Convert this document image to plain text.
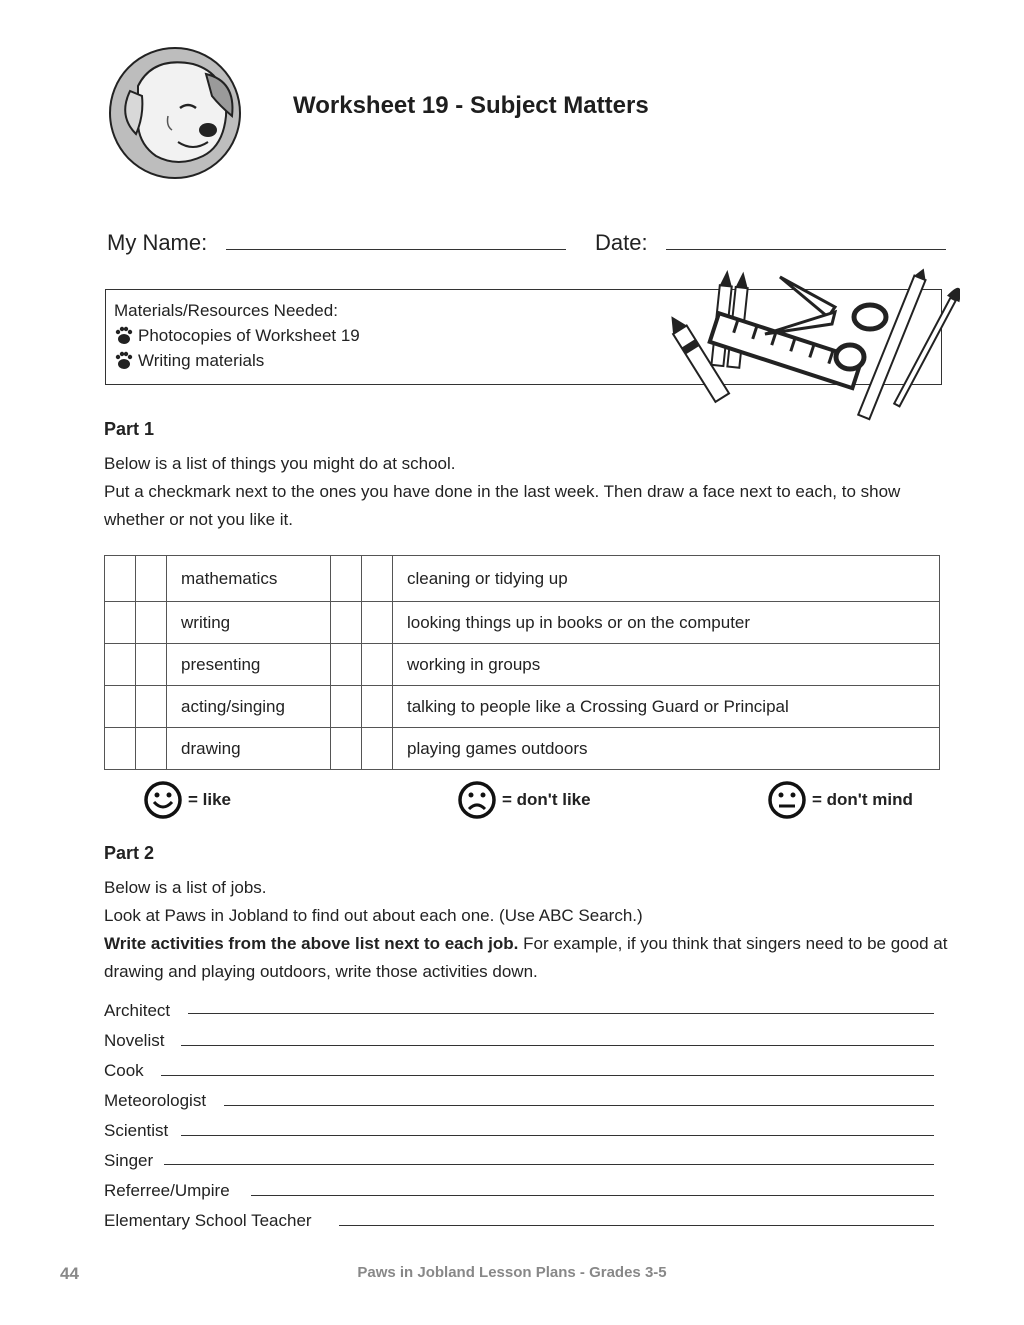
Worksheet 19 - Subject Matters
My Name:	Date:
Materials/Resources Needed:
Photocopies of Worksheet 19
Writing materials
Part 1
Below is a list of things you might do at school.
Put a checkmark next to the ones you have done in the last week. Then draw a face next to each, to show whether or not you like it.
		mathematics			cleaning or tidying up
		writing			looking things up in books or on the computer
		presenting			working in groups
		acting/singing			talking to people like a Crossing Guard or Principal
		drawing			playing games outdoors
= like	= don't like	= don't mind
Part 2
Below is a list of jobs.
Look at Paws in Jobland to find out about each one. (Use ABC Search.)
Write activities from the above list next to each job. For example, if you think that singers need to be good at drawing and playing outdoors, write those activities down.
Architect
Novelist
Cook
Meteorologist
Scientist
Singer
Referree/Umpire
Elementary School Teacher
44	Paws in Jobland Lesson Plans - Grades 3-5
